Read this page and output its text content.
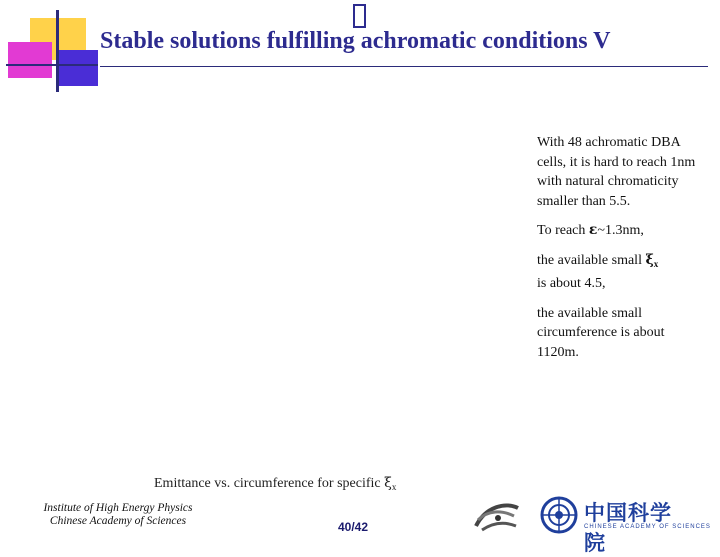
Stable solutions fulfilling achromatic conditions V

With 48 achromatic DBA cells, it is hard to reach 1nm with natural chromaticity smaller than 5.5.

To reach ε~1.3nm,

the available small $\xi_x$
is about 4.5,

the available small circumference is about 1120m.

Emittance vs. circumference for specific $\xi_x$
Institute of High Energy Physics
Chinese Academy of Sciences	40/42
中国科学院
CHINESE ACADEMY OF SCIENCES
